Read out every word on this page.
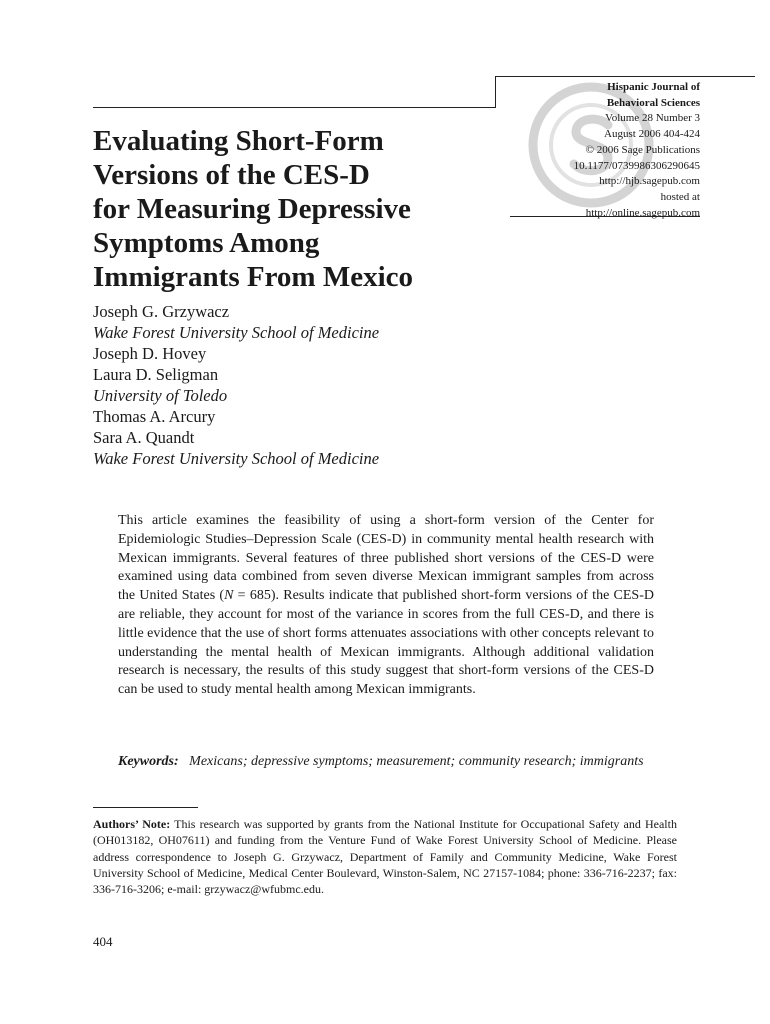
Hispanic Journal of
Behavioral Sciences
Volume 28 Number 3
August 2006 404-424
© 2006 Sage Publications
10.1177/0739986306290645
http://hjb.sagepub.com
hosted at
http://online.sagepub.com
Evaluating Short-Form
Versions of the CES-D
for Measuring Depressive
Symptoms Among
Immigrants From Mexico
Joseph G. Grzywacz
Wake Forest University School of Medicine
Joseph D. Hovey
Laura D. Seligman
University of Toledo
Thomas A. Arcury
Sara A. Quandt
Wake Forest University School of Medicine

This article examines the feasibility of using a short-form version of the Center for Epidemiologic Studies–Depression Scale (CES-D) in community mental health research with Mexican immigrants. Several features of three published short versions of the CES-D were examined using data combined from seven diverse Mexican immigrant samples from across the United States (N = 685). Results indicate that published short-form versions of the CES-D are reliable, they account for most of the variance in scores from the full CES-D, and there is little evidence that the use of short forms attenuates associations with other concepts relevant to understanding the mental health of Mexican immigrants. Although additional validation research is necessary, the results of this study suggest that short-form versions of the CES-D can be used to study mental health among Mexican immigrants.

Keywords: Mexicans; depressive symptoms; measurement; community research; immigrants

Authors’ Note: This research was supported by grants from the National Institute for Occupational Safety and Health (OH013182, OH07611) and funding from the Venture Fund of Wake Forest University School of Medicine. Please address correspondence to Joseph G. Grzywacz, Department of Family and Community Medicine, Wake Forest University School of Medicine, Medical Center Boulevard, Winston-Salem, NC 27157-1084; phone: 336-716-2237; fax: 336-716-3206; e-mail: grzywacz@wfubmc.edu.

404
